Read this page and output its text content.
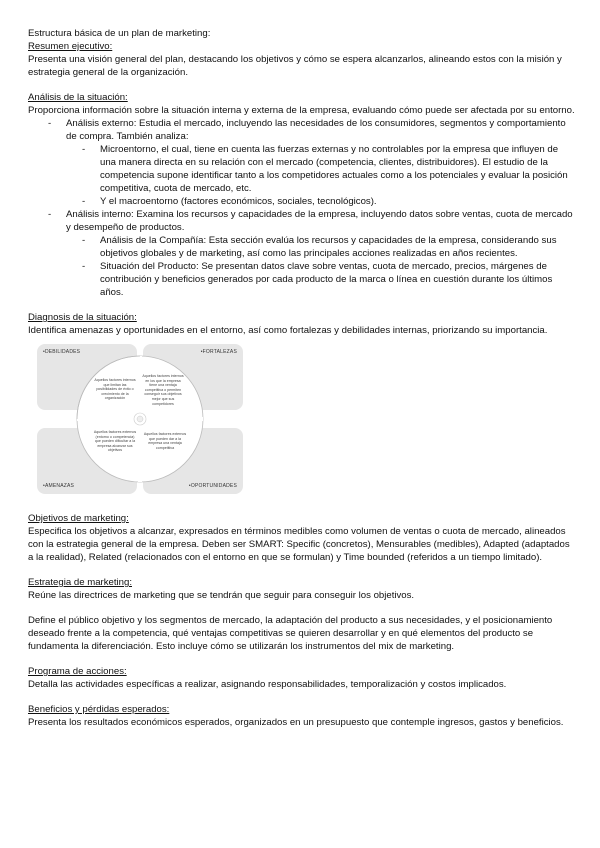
Estructura básica de un plan de marketing:

Resumen ejecutivo:

Presenta una visión general del plan, destacando los objetivos y cómo se espera alcanzarlos, alineando estos con la misión y estrategia general de la organización.

Análisis de la situación:

Proporciona información sobre la situación interna y externa de la empresa, evaluando cómo puede ser afectada por su entorno.

- Análisis externo: Estudia el mercado, incluyendo las necesidades de los consumidores, segmentos y comportamiento de compra. También analiza:
- Microentorno, el cual, tiene en cuenta las fuerzas externas y no controlables por la empresa que influyen de una manera directa en su relación con el mercado (competencia, clientes, distribuidores). El estudio de la competencia supone identificar tanto a los competidores actuales como a los potenciales y evaluar la posición competitiva, cuota de mercado, etc.
- Y el macroentorno (factores económicos, sociales, tecnológicos).
- Análisis interno: Examina los recursos y capacidades de la empresa, incluyendo datos sobre ventas, cuota de mercado y desempeño de productos.
- Análisis de la Compañía: Esta sección evalúa los recursos y capacidades de la empresa, considerando sus objetivos globales y de marketing, así como las principales acciones realizadas en años recientes.
- Situación del Producto: Se presentan datos clave sobre ventas, cuota de mercado, precios, márgenes de contribución y beneficios generados por cada producto de la marca o línea en cuestión durante los últimos años.
Diagnosis de la situación:

Identifica amenazas y oportunidades en el entorno, así como fortalezas y debilidades internas, priorizando su importancia.

•DEBILIDADES	•FORTALEZAS
•AMENAZAS	•OPORTUNIDADES
Aquellos factores internos que limitan las posibilidades de éxito o crecimiento de la organización
Aquellos factores internos en los que la empresa tiene una ventaja competitiva o permiten conseguir sus objetivos mejor que sus competidores
Aquellos factores externos (entorno o competencia) que pueden dificultar a la empresa alcanzar sus objetivos
Aquellos factores externos que pueden dar a la empresa una ventaja competitiva
Objetivos de marketing:

Especifica los objetivos a alcanzar, expresados en términos medibles como volumen de ventas o cuota de mercado, alineados con la estrategia general de la empresa. Deben ser SMART: Specific (concretos), Mensurables (medibles), Adapted (adaptados a la realidad), Related (relacionados con el entorno en que se formulan) y Time bounded (referidos a un tiempo limitado).

Estrategia de marketing:

Reúne las directrices de marketing que se tendrán que seguir para conseguir los objetivos.

Define el público objetivo y los segmentos de mercado, la adaptación del producto a sus necesidades, y el posicionamiento deseado frente a la competencia, qué ventajas competitivas se quieren desarrollar y en qué elementos del producto se fundamenta la diferenciación. Esto incluye cómo se utilizarán los instrumentos del mix de marketing.

Programa de acciones:

Detalla las actividades específicas a realizar, asignando responsabilidades, temporalización y costos implicados.

Beneficios y pérdidas esperados:

Presenta los resultados económicos esperados, organizados en un presupuesto que contemple ingresos, gastos y beneficios.
